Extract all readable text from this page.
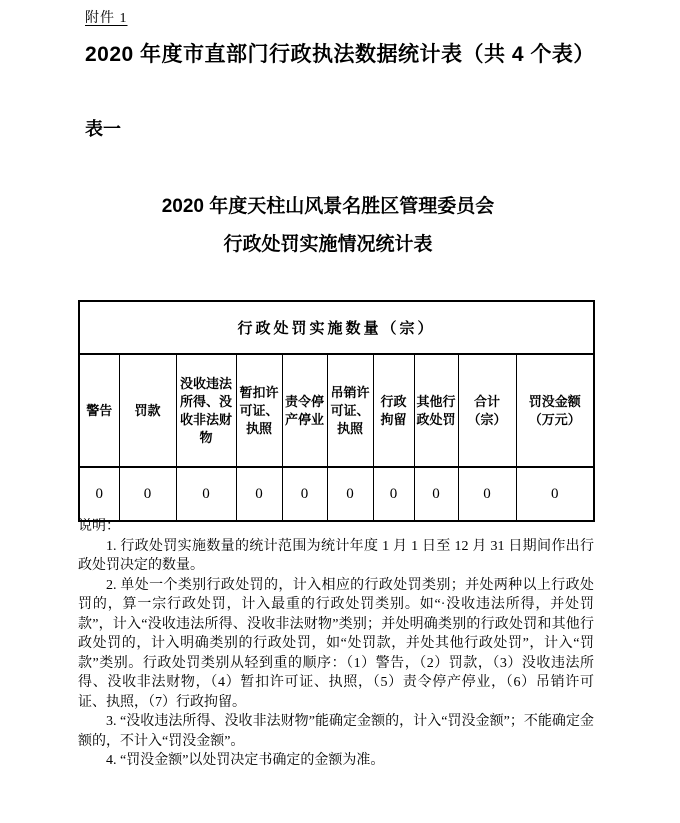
附件 1
2020 年度市直部门行政执法数据统计表（共 4 个表）
表一
2020 年度天柱山风景名胜区管理委员会
行政处罚实施情况统计表
行政处罚实施数量（宗）									
警告	罚款	没收违法所得、没收非法财物	暂扣许可证、执照	责令停产停业	吊销许可证、执照	行政拘留	其他行政处罚	合计（宗）	罚没金额（万元）
0	0	0	0	0	0	0	0	0	0
说明：

1. 行政处罚实施数量的统计范围为统计年度 1 月 1 日至 12 月 31 日期间作出行政处罚决定的数量。

2. 单处一个类别行政处罚的，计入相应的行政处罚类别；并处两种以上行政处罚的，算一宗行政处罚，计入最重的行政处罚类别。如“·没收违法所得，并处罚款”，计入“没收违法所得、没收非法财物”类别；并处明确类别的行政处罚和其他行政处罚的，计入明确类别的行政处罚，如“处罚款，并处其他行政处罚”，计入“罚款”类别。行政处罚类别从轻到重的顺序：（1）警告，（2）罚款，（3）没收违法所得、没收非法财物，（4）暂扣许可证、执照，（5）责令停产停业，（6）吊销许可证、执照，（7）行政拘留。

3. “没收违法所得、没收非法财物”能确定金额的，计入“罚没金额”；不能确定金额的，不计入“罚没金额”。

4. “罚没金额”以处罚决定书确定的金额为准。
